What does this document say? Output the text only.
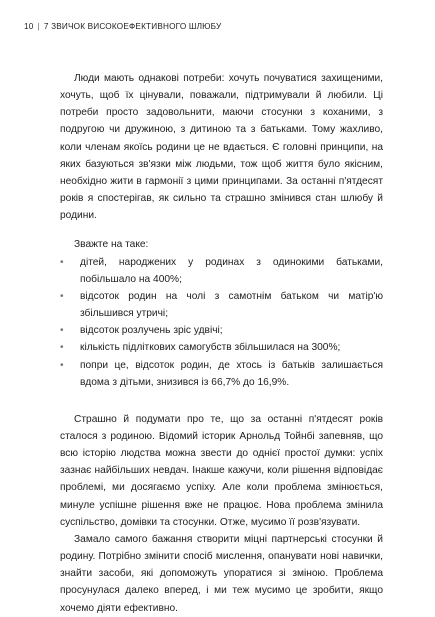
10 | 7 ЗВИЧОК ВИСОКОЕФЕКТИВНОГО ШЛЮБУ

Люди мають однакові потреби: хочуть почуватися захищеними, хочуть, щоб їх цінували, поважали, підтримували й любили. Ці потреби просто задовольнити, маючи стосунки з коханими, з подругою чи дружиною, з дитиною та з батьками. Тому жахливо, коли членам якоїсь родини це не вдається. Є головні принципи, на яких базуються зв'язки між людьми, тож щоб життя було якісним, необхідно жити в гармонії з цими принципами. За останні п'ятдесят років я спостерігав, як сильно та страшно змінився стан шлюбу й родини.

Зважте на таке:

• дітей, народжених у родинах з одинокими батьками, побільшало на 400%;
• відсоток родин на чолі з самотнім батьком чи матір'ю збільшився утричі;
• відсоток розлучень зріс удвічі;
• кількість підліткових самогубств збільшилася на 300%;
• попри це, відсоток родин, де хтось із батьків залишається вдома з дітьми, знизився із 66,7% до 16,9%.

Страшно й подумати про те, що за останні п'ятдесят років сталося з родиною. Відомий історик Арнольд Тойнбі запевняв, що всю історію людства можна звести до однієї простої думки: успіх зазнає найбільших невдач. Інакше кажучи, коли рішення відповідає проблемі, ми досягаємо успіху. Але коли проблема змінюється, минуле успішне рішення вже не працює. Нова проблема змінила суспільство, домівки та стосунки. Отже, мусимо її розв'язувати.

Замало самого бажання створити міцні партнерські стосунки й родину. Потрібно змінити спосіб мислення, опанувати нові навички, знайти засоби, які допоможуть упоратися зі зміною. Проблема просунулася далеко вперед, і ми теж мусимо це зробити, якщо хочемо діяти ефективно.
